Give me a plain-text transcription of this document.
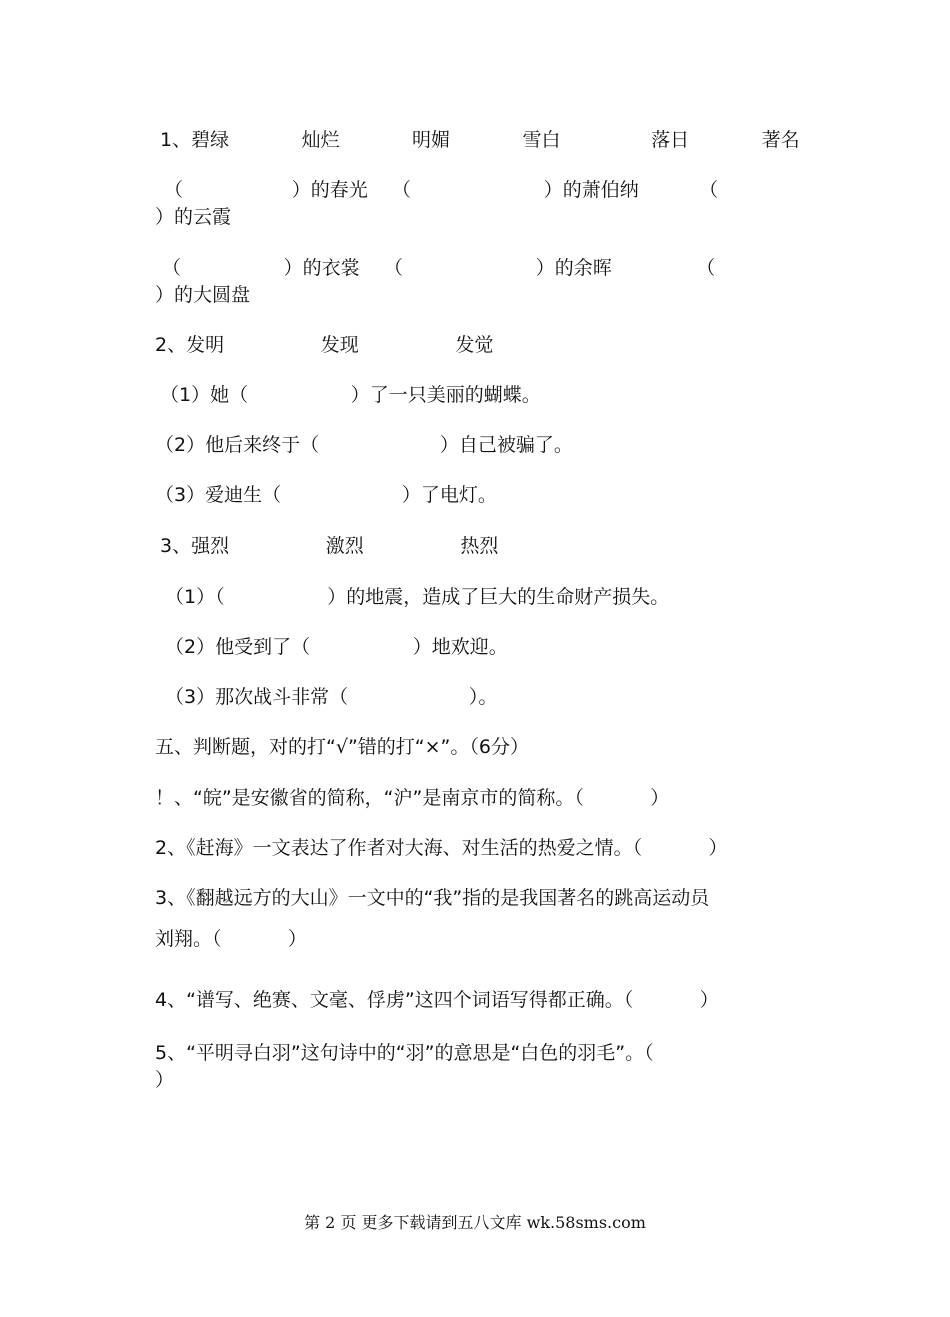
1、碧绿            灿烂            明媚            雪白               落日            著名
（                  ）的春光    （                      ）的萧伯纳          （
）的云霞
（                 ）的衣裳    （                      ）的余晖              （
）的大圆盘
2、发明                发现                发觉
（1）她（                 ）了一只美丽的蝴蝶。
（2）他后来终于（                    ）自己被骗了。
（3）爱迪生（                    ）了电灯。
3、强烈                激烈                热烈
（1）（                 ）的地震，造成了巨大的生命财产损失。
（2）他受到了（                 ）地欢迎。
（3）那次战斗非常（                    ）。
五、判断题，对的打“√”错的打“×”。（6分）
！、“皖”是安徽省的简称，“沪”是南京市的简称。（           ）
2、《赶海》一文表达了作者对大海、对生活的热爱之情。（           ）
3、《翻越远方的大山》一文中的“我”指的是我国著名的跳高运动员
刘翔。（           ）
4、“谱写、绝赛、文毫、俘虏”这四个词语写得都正确。（           ）
5、“平明寻白羽”这句诗中的“羽”的意思是“白色的羽毛”。（
）
第 2 页 更多下载请到五八文库 wk.58sms.com
